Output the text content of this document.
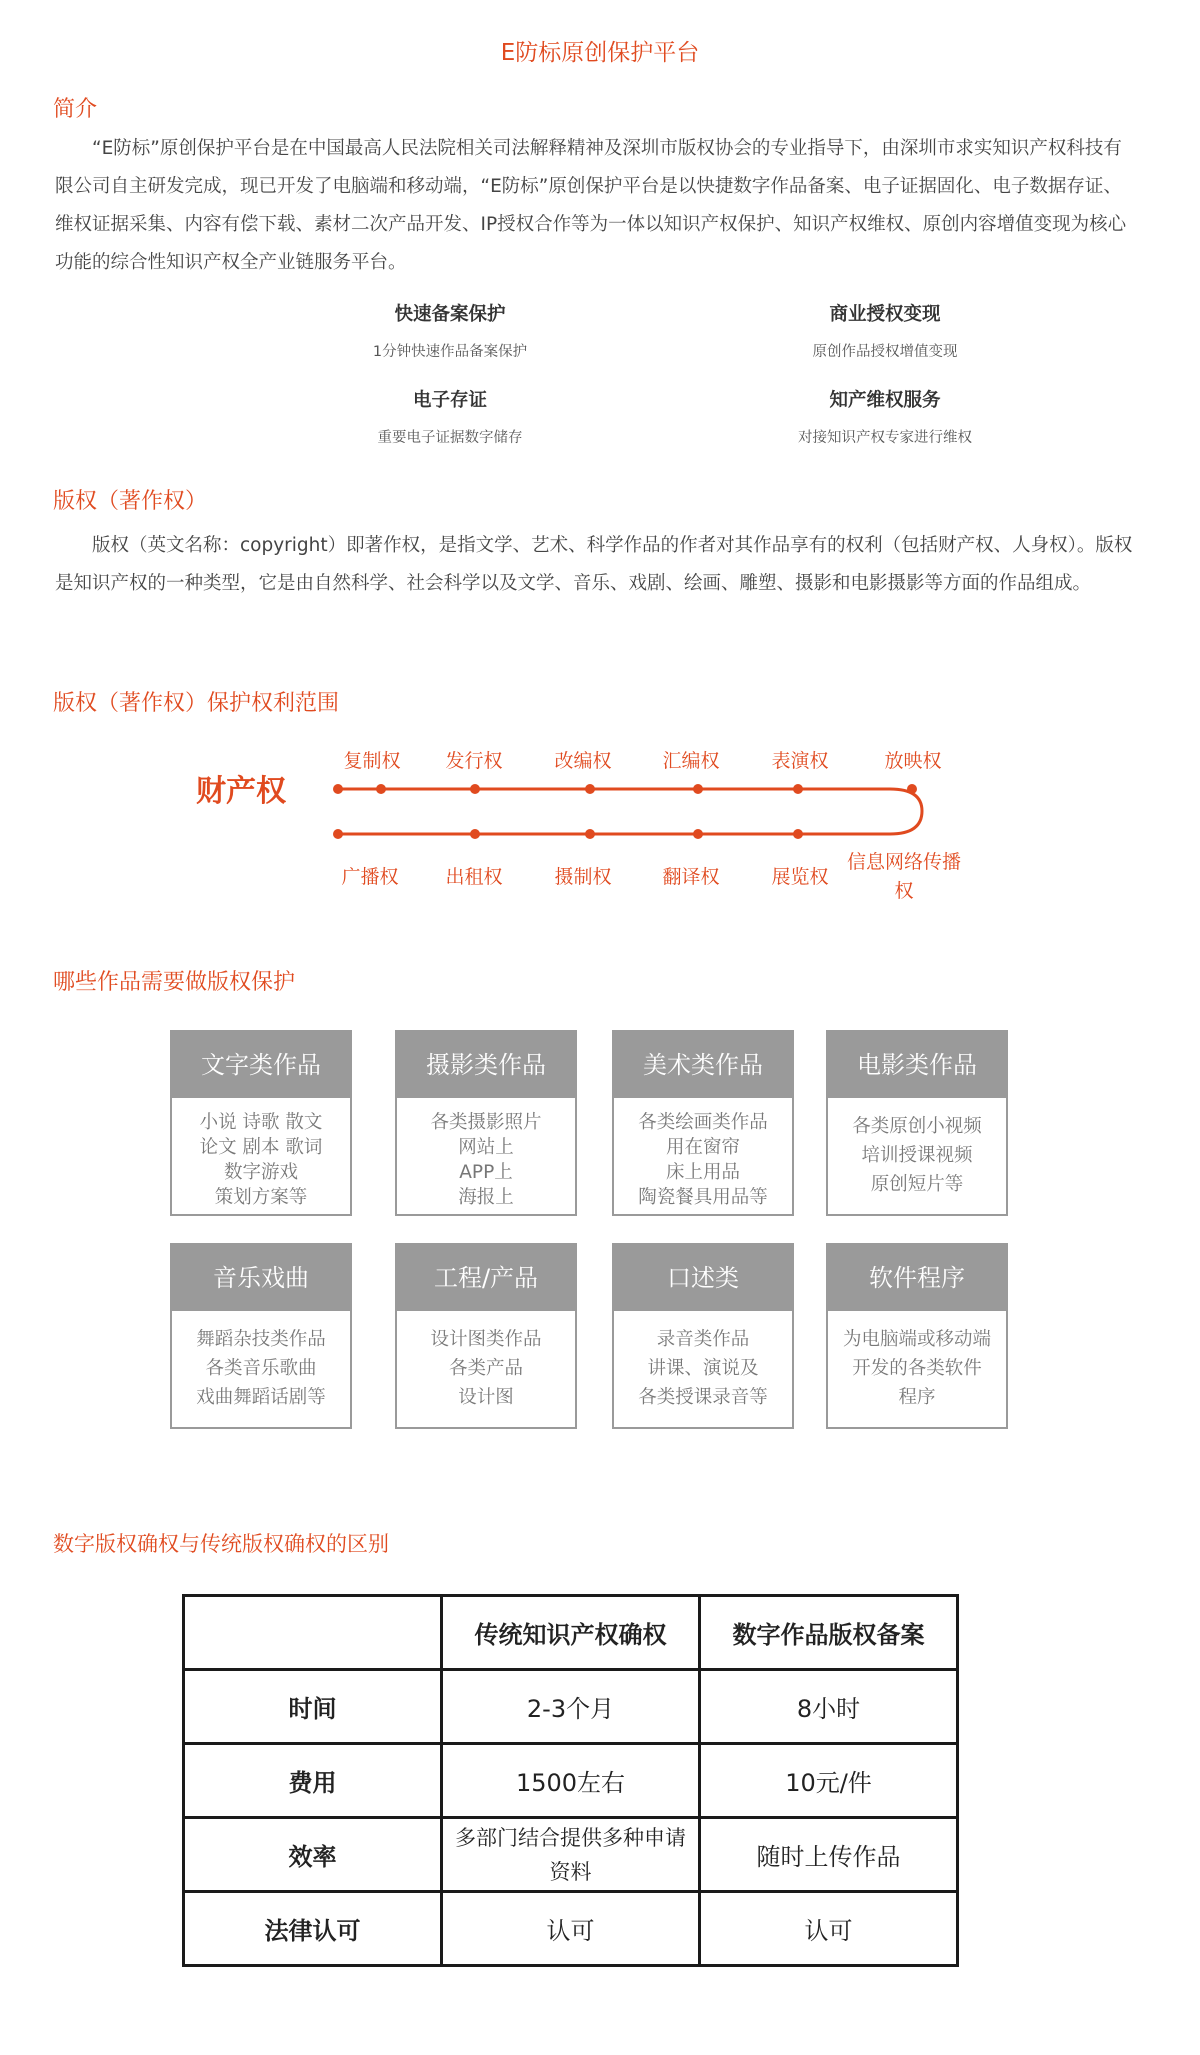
E防标原创保护平台
简介

“E防标”原创保护平台是在中国最高人民法院相关司法解释精神及深圳市版权协会的专业指导下，由深圳市求实知识产权科技有限公司自主研发完成，现已开发了电脑端和移动端，“E防标”原创保护平台是以快捷数字作品备案、电子证据固化、电子数据存证、维权证据采集、内容有偿下载、素材二次产品开发、IP授权合作等为一体以知识产权保护、知识产权维权、原创内容增值变现为核心功能的综合性知识产权全产业链服务平台。

快速备案保护
1分钟快速作品备案保护
商业授权变现
原创作品授权增值变现
电子存证
重要电子证据数字储存
知产维权服务
对接知识产权专家进行维权
版权（著作权）

版权（英文名称：copyright）即著作权，是指文学、艺术、科学作品的作者对其作品享有的权利（包括财产权、人身权）。版权是知识产权的一种类型，它是由自然科学、社会科学以及文学、音乐、戏剧、绘画、雕塑、摄影和电影摄影等方面的作品组成。

版权（著作权）保护权利范围
财产权
复制权	发行权	改编权	汇编权	表演权	放映权
广播权	出租权	摄制权	翻译权	展览权
信息网络传播权
哪些作品需要做版权保护
文字类作品
小说 诗歌 散文
论文 剧本 歌词
数字游戏
策划方案等
摄影类作品
各类摄影照片
网站上
APP上
海报上
美术类作品
各类绘画类作品
用在窗帘
床上用品
陶瓷餐具用品等
电影类作品
各类原创小视频
培训授课视频
原创短片等
音乐戏曲
舞蹈杂技类作品
各类音乐歌曲
戏曲舞蹈话剧等
工程/产品
设计图类作品
各类产品
设计图
口述类
录音类作品
讲课、演说及
各类授课录音等
软件程序
为电脑端或移动端
开发的各类软件
程序
数字版权确权与传统版权确权的区别
	传统知识产权确权	数字作品版权备案
时间	2-3个月	8小时
费用	1500左右	10元/件
效率	多部门结合提供多种申请资料	随时上传作品
法律认可	认可	认可
